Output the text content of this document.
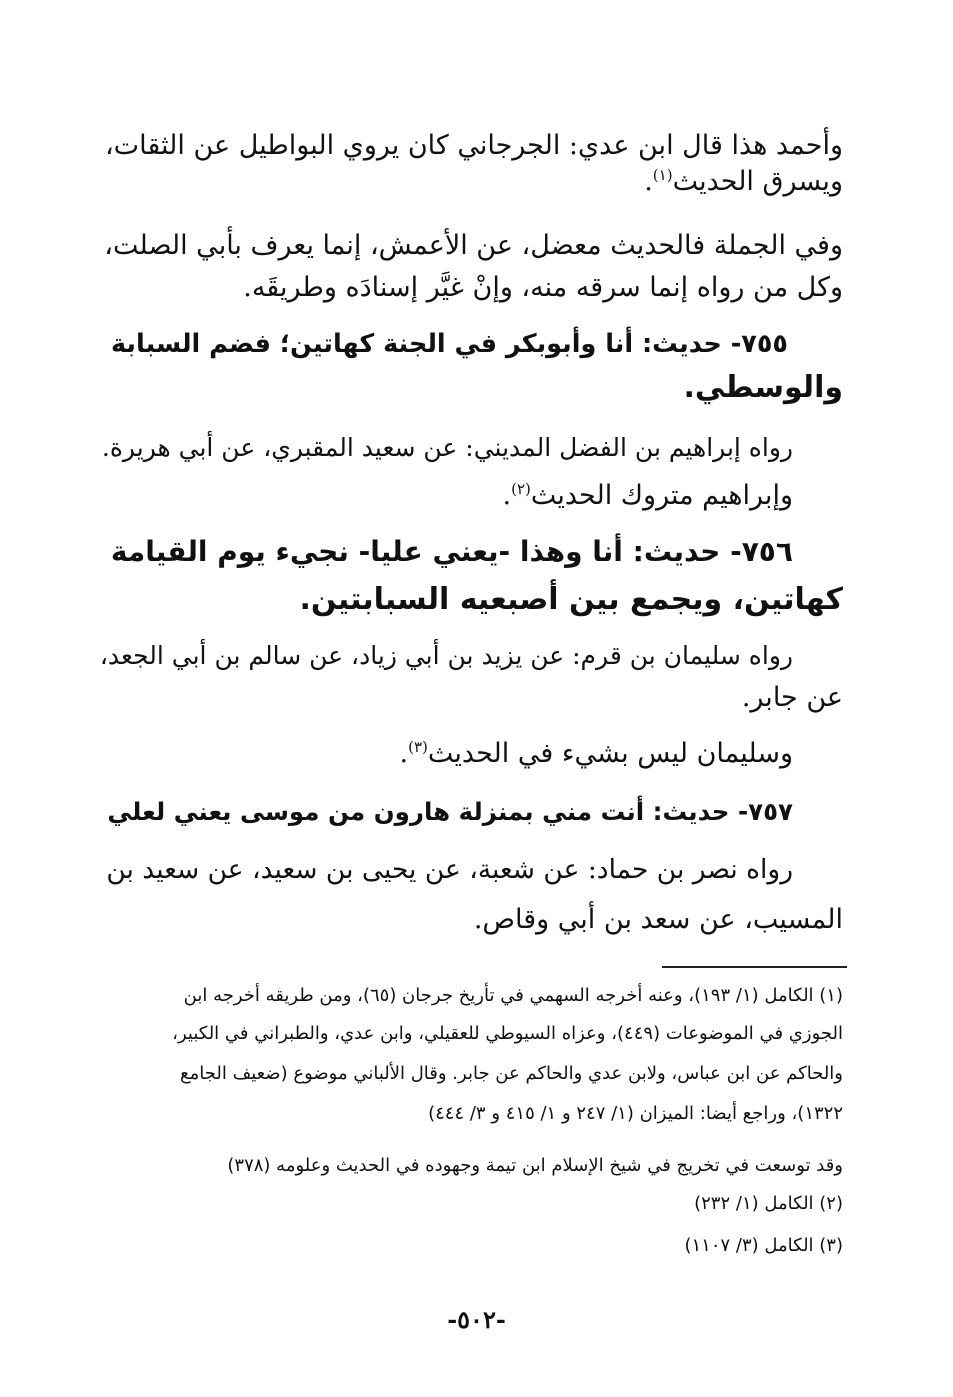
وأحمد هذا قال ابن عدي: الجرجاني كان يروي البواطيل عن الثقات،
ويسرق الحديث$^{(١)}$.
وفي الجملة فالحديث معضل، عن الأعمش، إنما يعرف بأبي الصلت،
وكل من رواه إنما سرقه منه، وإنْ غيَّر إسنادَه وطريقَه.
٧٥٥- حديث: أنا وأبوبكر في الجنة كهاتين؛ فضم السبابة
والوسطي.
رواه إبراهيم بن الفضل المديني: عن سعيد المقبري، عن أبي هريرة.
وإبراهيم متروك الحديث$^{(٢)}$.
٧٥٦- حديث: أنا وهذا -يعني عليا- نجيء يوم القيامة
كهاتين، ويجمع بين أصبعيه السبابتين.
رواه سليمان بن قرم: عن يزيد بن أبي زياد، عن سالم بن أبي الجعد،
عن جابر.
وسليمان ليس بشيء في الحديث$^{(٣)}$.
٧٥٧- حديث: أنت مني بمنزلة هارون من موسى يعني لعلي
رواه نصر بن حماد: عن شعبة، عن يحيى بن سعيد، عن سعيد بن
المسيب، عن سعد بن أبي وقاص.
(١) الكامل (١/ ١٩٣)، وعنه أخرجه السهمي في تأريخ جرجان (٦٥)، ومن طريقه أخرجه ابن
الجوزي في الموضوعات (٤٤٩)، وعزاه السيوطي للعقيلي، وابن عدي، والطبراني في الكبير،
والحاكم عن ابن عباس، ولابن عدي والحاكم عن جابر. وقال الألباني موضوع (ضعيف الجامع
١٣٢٢)، وراجع أيضا: الميزان (١/ ٢٤٧ و ١/ ٤١٥ و ٣/ ٤٤٤)
وقد توسعت في تخريج في شيخ الإسلام ابن تيمة وجهوده في الحديث وعلومه (٣٧٨)
(٢) الكامل (١/ ٢٣٢)
(٣) الكامل (٣/ ١١٠٧)
-٥٠٢-
